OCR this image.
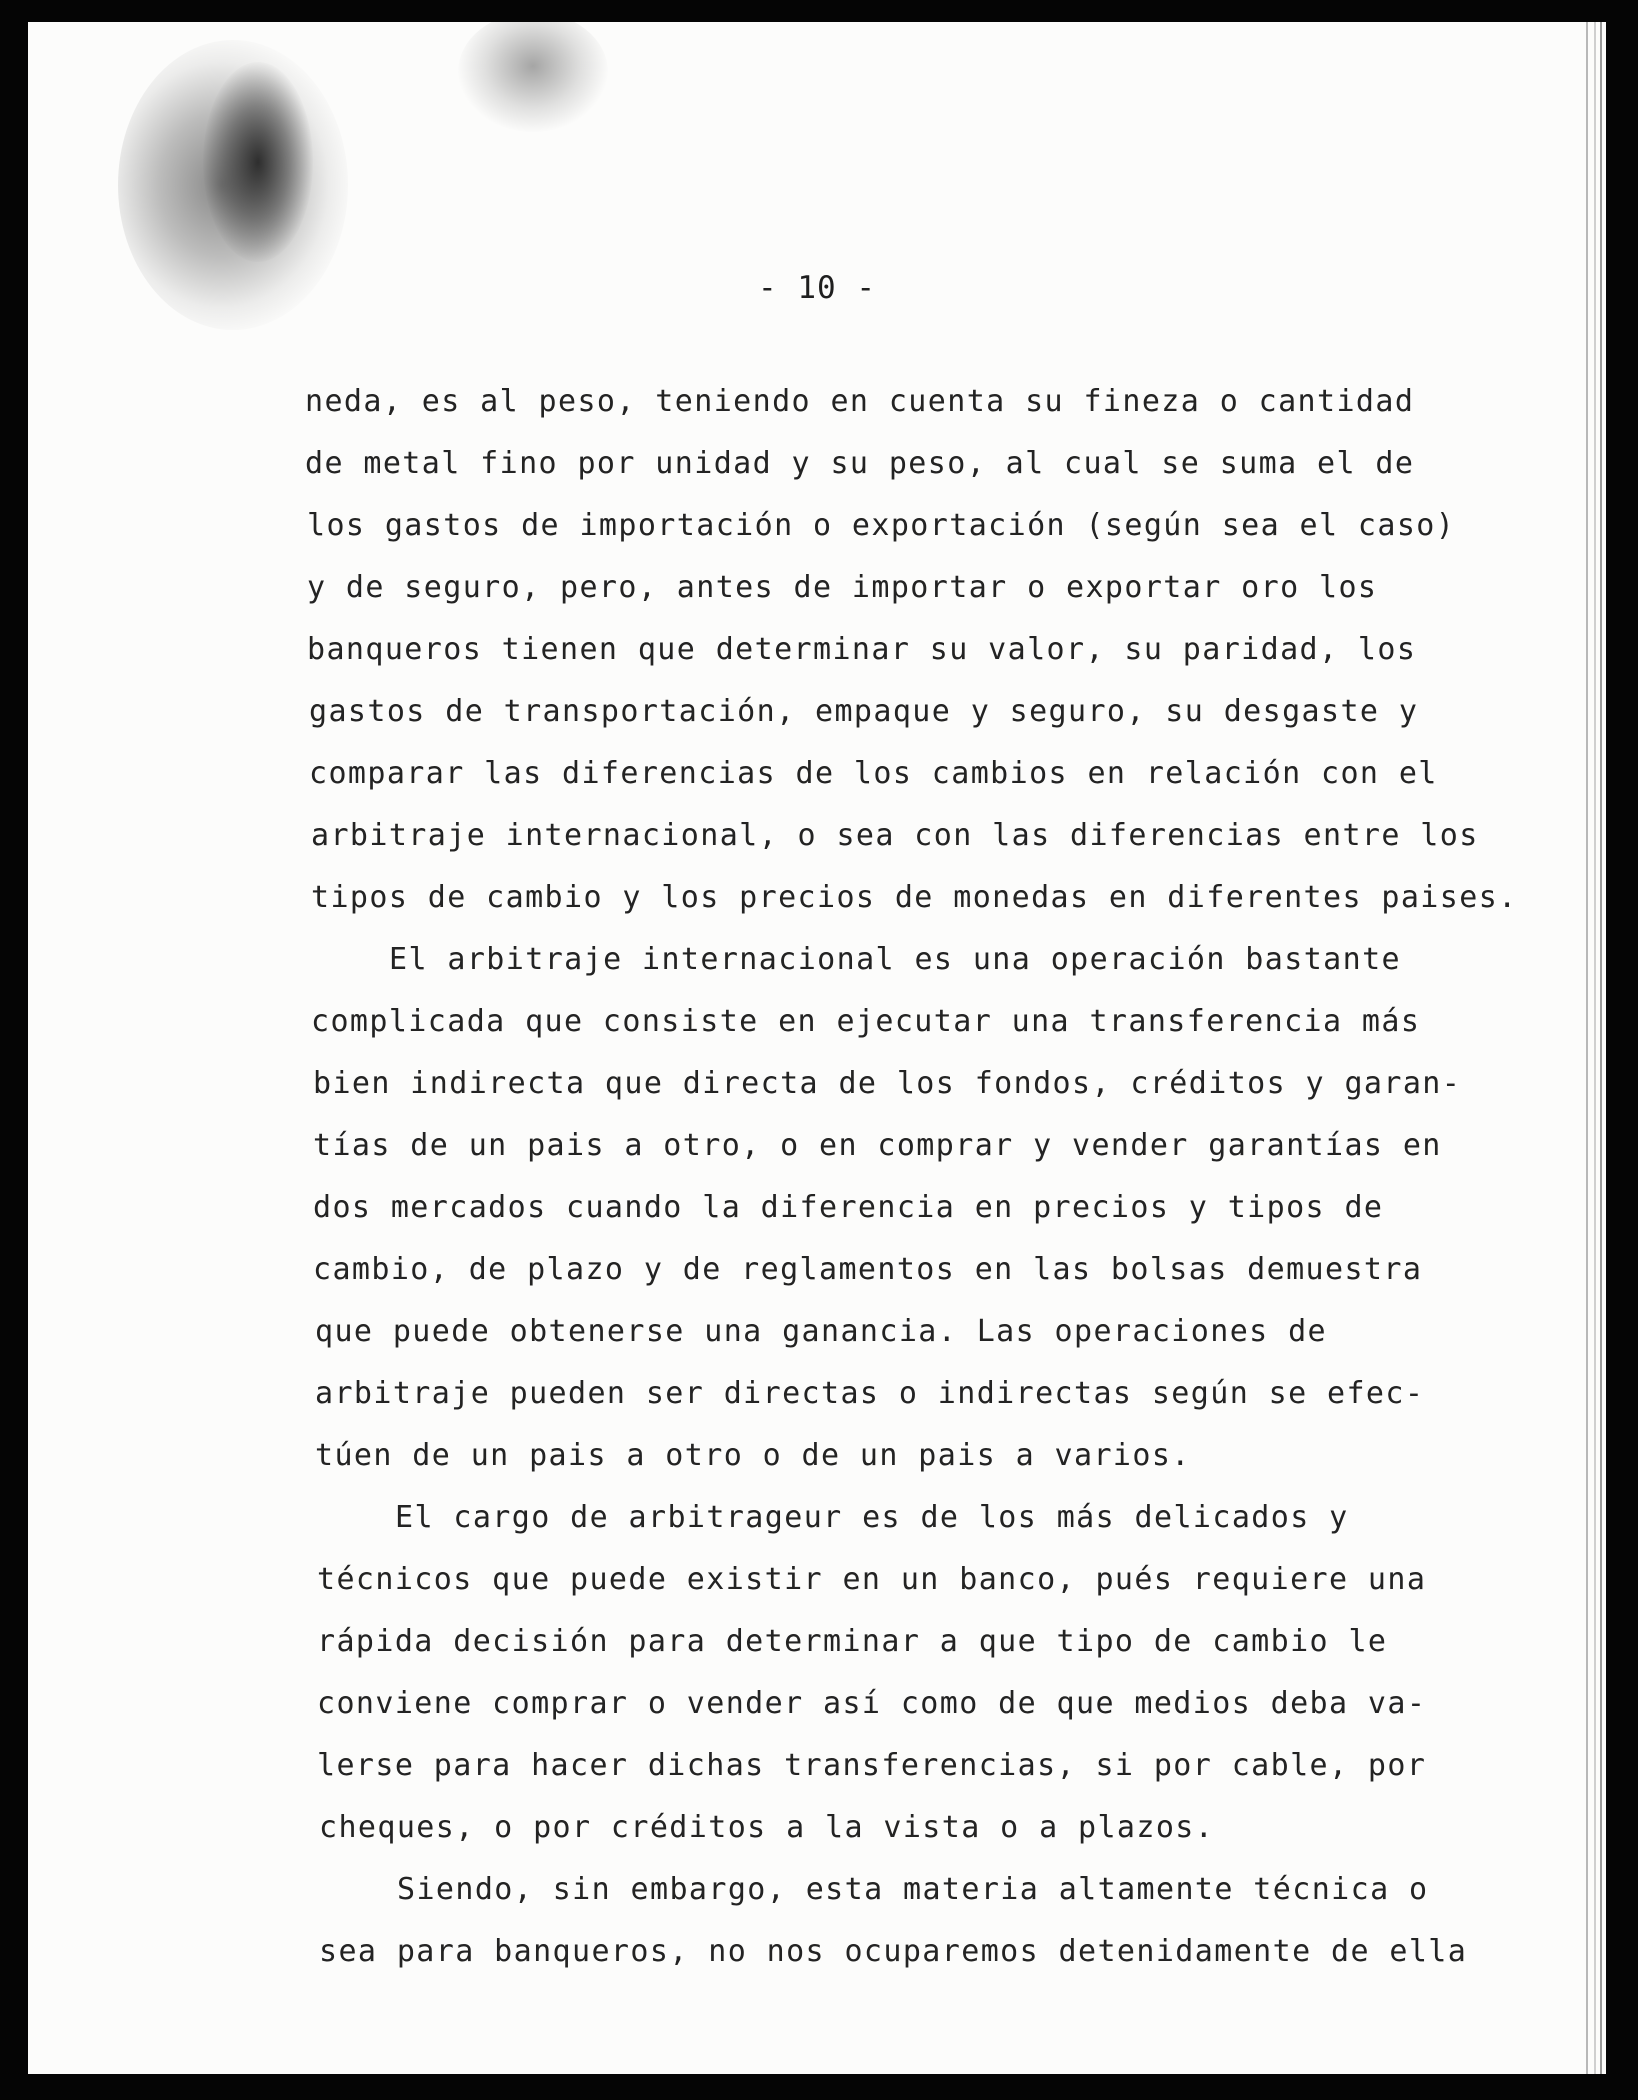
- 10 -
neda, es al peso, teniendo en cuenta su fineza o cantidad
de metal fino por unidad y su peso, al cual se suma el de
los gastos de importación o exportación (según sea el caso)
y de seguro, pero, antes de importar o exportar oro los
banqueros tienen que determinar su valor, su paridad, los
gastos de transportación, empaque y seguro, su desgaste y
comparar las diferencias de los cambios en relación con el
arbitraje internacional, o sea con las diferencias entre los
tipos de cambio y los precios de monedas en diferentes paises.
El arbitraje internacional es una operación bastante
complicada que consiste en ejecutar una transferencia más
bien indirecta que directa de los fondos, créditos y garan-
tías de un pais a otro, o en comprar y vender garantías en
dos mercados cuando la diferencia en precios y tipos de
cambio, de plazo y de reglamentos en las bolsas demuestra
que puede obtenerse una ganancia. Las operaciones de
arbitraje pueden ser directas o indirectas según se efec-
túen de un pais a otro o de un pais a varios.
El cargo de arbitrageur es de los más delicados y
técnicos que puede existir en un banco, pués requiere una
rápida decisión para determinar a que tipo de cambio le
conviene comprar o vender así como de que medios deba va-
lerse para hacer dichas transferencias, si por cable, por
cheques, o por créditos a la vista o a plazos.
Siendo, sin embargo, esta materia altamente técnica o
sea para banqueros, no nos ocuparemos detenidamente de ella
